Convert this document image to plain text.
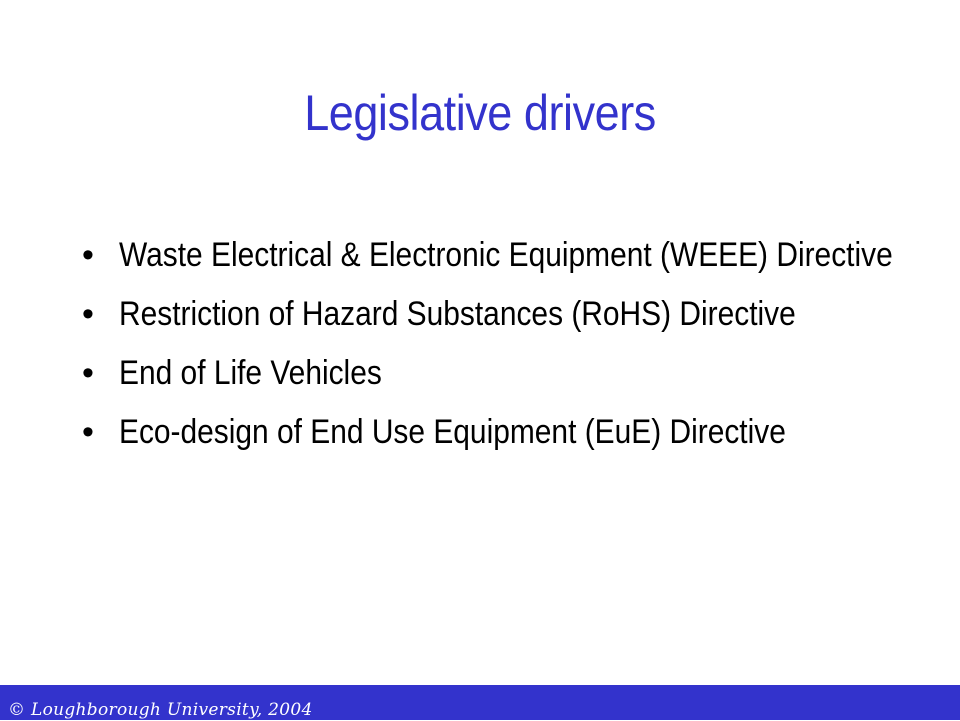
Legislative drivers
• Waste Electrical & Electronic Equipment (WEEE) Directive
• Restriction of Hazard Substances (RoHS) Directive
• End of Life Vehicles
• Eco-design of End Use Equipment (EuE) Directive
© Loughborough University, 2004
